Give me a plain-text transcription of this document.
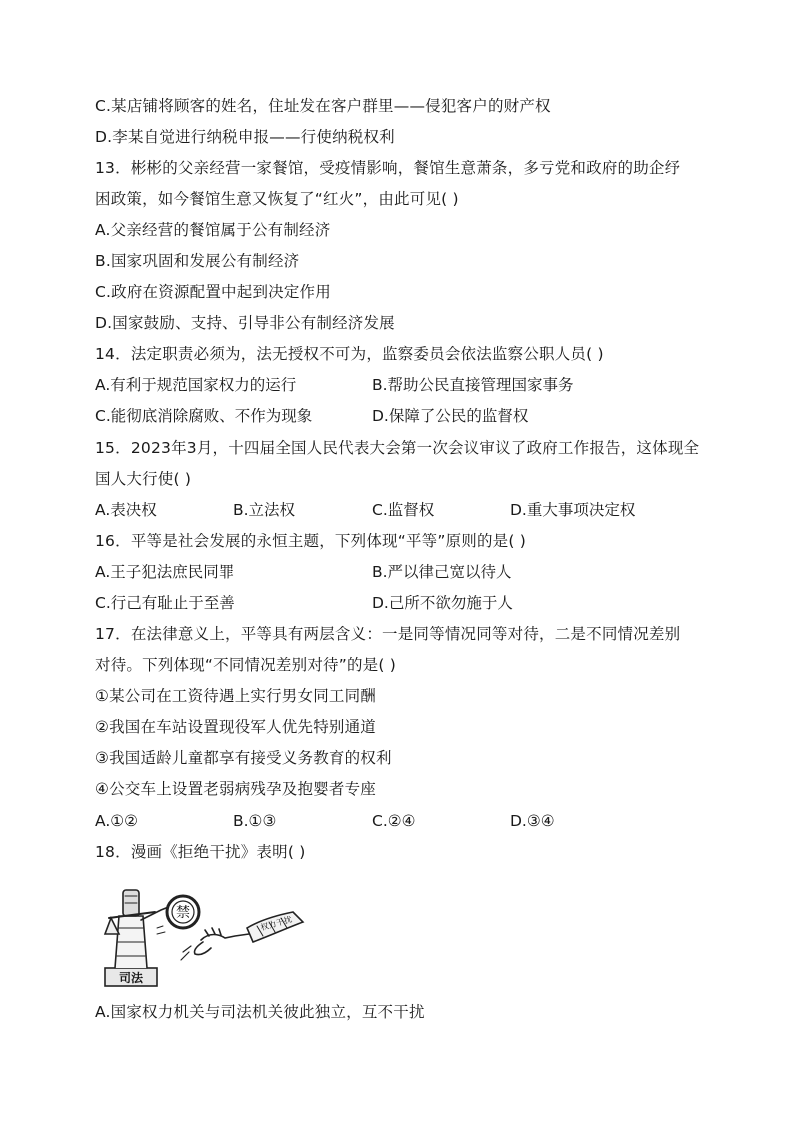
C.某店铺将顾客的姓名，住址发在客户群里——侵犯客户的财产权
D.李某自觉进行纳税申报——行使纳税权利
13．彬彬的父亲经营一家餐馆，受疫情影响，餐馆生意萧条，多亏党和政府的助企纾
困政策，如今餐馆生意又恢复了“红火”，由此可见( )
A.父亲经营的餐馆属于公有制经济
B.国家巩固和发展公有制经济
C.政府在资源配置中起到决定作用
D.国家鼓励、支持、引导非公有制经济发展
14．法定职责必须为，法无授权不可为，监察委员会依法监察公职人员( )
A.有利于规范国家权力的运行	B.帮助公民直接管理国家事务
C.能彻底消除腐败、不作为现象	D.保障了公民的监督权
15．2023年3月，十四届全国人民代表大会第一次会议审议了政府工作报告，这体现全
国人大行使( )
A.表决权	B.立法权	C.监督权	D.重大事项决定权
16．平等是社会发展的永恒主题，下列体现“平等”原则的是( )
A.王子犯法庶民同罪	B.严以律己宽以待人
C.行己有耻止于至善	D.己所不欲勿施于人
17．在法律意义上，平等具有两层含义：一是同等情况同等对待，二是不同情况差别
对待。下列体现“不同情况差别对待”的是( )
①某公司在工资待遇上实行男女同工同酬
②我国在车站设置现役军人优先特别通道
③我国适龄儿童都享有接受义务教育的权利
④公交车上设置老弱病残孕及抱婴者专座
A.①②	B.①③	C.②④	D.③④
18．漫画《拒绝干扰》表明( )
禁
权力干扰
司法
A.国家权力机关与司法机关彼此独立，互不干扰
